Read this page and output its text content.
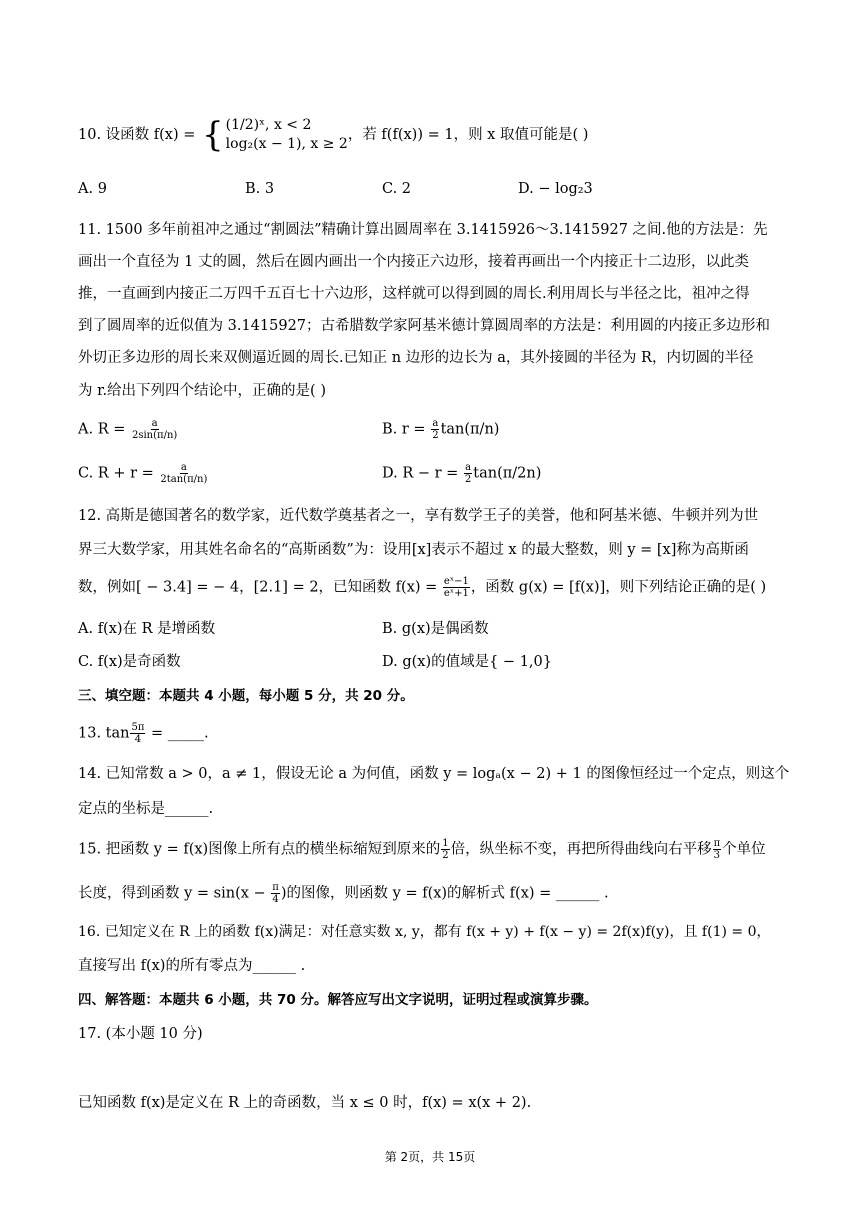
10. 设函数 f(x) = { (1/2)ˣ, x < 2
log₂(x − 1), x ≥ 2
，若 f(f(x)) = 1，则 x 取值可能是( )
A. 9	B. 3	C. 2	D. − log₂3
11. 1500 多年前祖冲之通过“割圆法”精确计算出圆周率在 3.1415926～3.1415927 之间.他的方法是：先
画出一个直径为 1 丈的圆，然后在圆内画出一个内接正六边形，接着再画出一个内接正十二边形，以此类
推，一直画到内接正二万四千五百七十六边形，这样就可以得到圆的周长.利用周长与半径之比，祖冲之得
到了圆周率的近似值为 3.1415927；古希腊数学家阿基米德计算圆周率的方法是：利用圆的内接正多边形和
外切正多边形的周长来双侧逼近圆的周长.已知正 n 边形的边长为 a，其外接圆的半径为 R，内切圆的半径
为 r.给出下列四个结论中，正确的是( )
A. $R = \frac{a}{2\sin(\pi/n)}$	B. $r = \frac{a}{2} \tan(\pi/n)$
C. $R + r = \frac{a}{2\tan(\pi/n)}$	D. $R - r = \frac{a}{2} \tan(\pi/2n)$
12. 高斯是德国著名的数学家，近代数学奠基者之一，享有数学王子的美誉，他和阿基米德、牛顿并列为世
界三大数学家，用其姓名命名的“高斯函数”为：设用[x]表示不超过 x 的最大整数，则 y = [x]称为高斯函
数，例如[ − 3.4] = − 4，[2.1] = 2，已知函数 $f(x) = \frac{\text{eˣ−1}}{\text{eˣ+1}}$ ，函数 g(x) = [f(x)]，则下列结论正确的是( )
A. f(x)在 R 是增函数	B. g(x)是偶函数
C. f(x)是奇函数	D. g(x)的值域是{ − 1,0}
三、填空题：本题共 4 小题，每小题 5 分，共 20 分。
13. $\tan \frac{5\pi}{4}$ = _____.
14. 已知常数 a > 0，a ≠ 1，假设无论 a 为何值，函数 y = logₐ(x − 2) + 1 的图像恒经过一个定点，则这个
定点的坐标是______.
15. 把函数 y = f(x)图像上所有点的横坐标缩短到原来的 $\frac{1}{2}$ 倍，纵坐标不变，再把所得曲线向右平移 $\frac{\pi}{3}$ 个单位
长度，得到函数 $y = \sin(x - \frac{\pi}{4}$ )的图像，则函数 y = f(x)的解析式 f(x) = ______ .
16. 已知定义在 R 上的函数 f(x)满足：对任意实数 x, y，都有 f(x + y) + f(x − y) = 2f(x)f(y)，且 f(1) = 0，
直接写出 f(x)的所有零点为______ .
四、解答题：本题共 6 小题，共 70 分。解答应写出文字说明，证明过程或演算步骤。
17. (本小题 10 分)
已知函数 f(x)是定义在 R 上的奇函数，当 x ≤ 0 时，f(x) = x(x + 2).
第 2页，共 15页
